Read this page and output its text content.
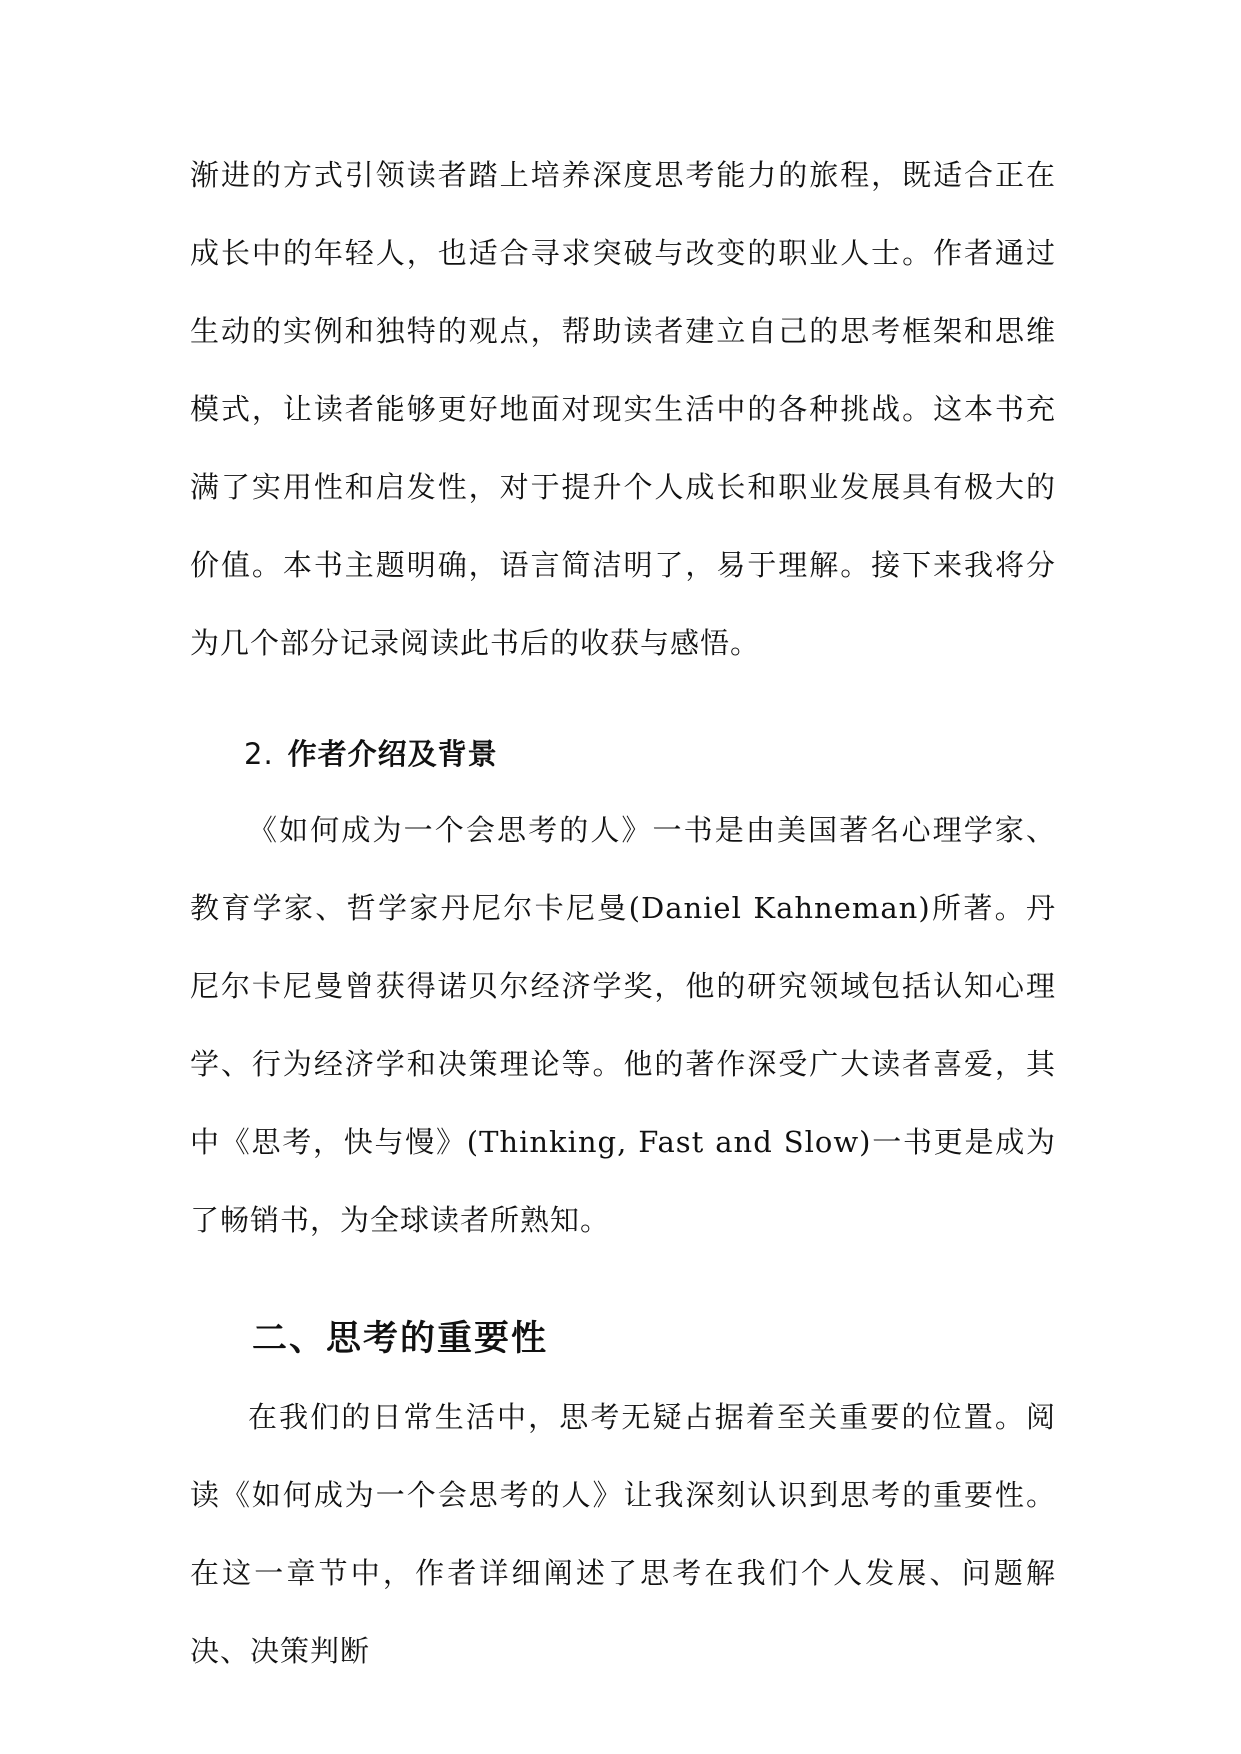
渐进的方式引领读者踏上培养深度思考能力的旅程，既适合正在成长中的年轻人，也适合寻求突破与改变的职业人士。作者通过生动的实例和独特的观点，帮助读者建立自己的思考框架和思维模式，让读者能够更好地面对现实生活中的各种挑战。这本书充满了实用性和启发性，对于提升个人成长和职业发展具有极大的价值。本书主题明确，语言简洁明了，易于理解。接下来我将分为几个部分记录阅读此书后的收获与感悟。

2. 作者介绍及背景

《如何成为一个会思考的人》一书是由美国著名心理学家、教育学家、哲学家丹尼尔卡尼曼(Daniel Kahneman)所著。丹尼尔卡尼曼曾获得诺贝尔经济学奖，他的研究领域包括认知心理学、行为经济学和决策理论等。他的著作深受广大读者喜爱，其中《思考，快与慢》(Thinking, Fast and Slow)一书更是成为了畅销书，为全球读者所熟知。

二、思考的重要性

在我们的日常生活中，思考无疑占据着至关重要的位置。阅读《如何成为一个会思考的人》让我深刻认识到思考的重要性。在这一章节中，作者详细阐述了思考在我们个人发展、问题解决、决策判断
